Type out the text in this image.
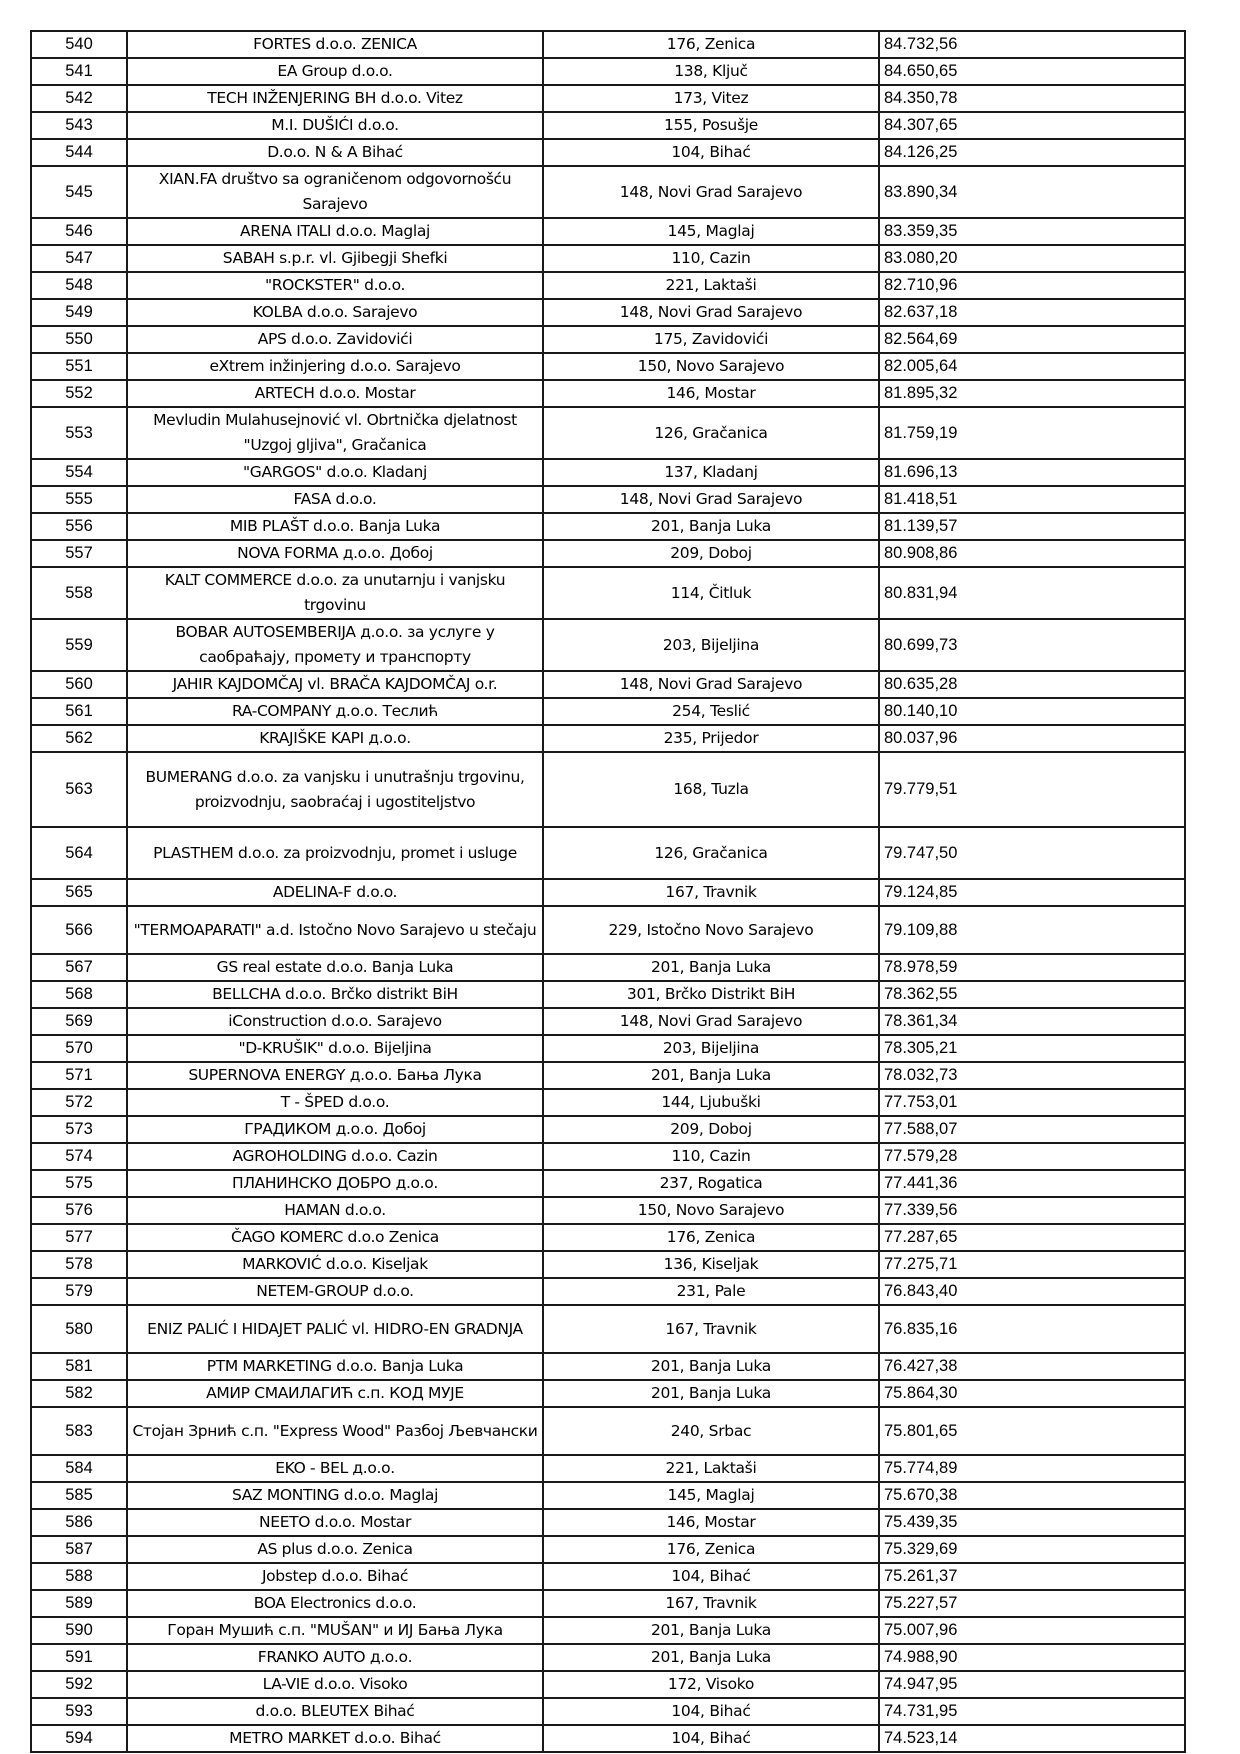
540	FORTES d.o.o. ZENICA	176, Zenica	84.732,56
541	EA Group d.o.o.	138, Ključ	84.650,65
542	TECH INŽENJERING BH d.o.o. Vitez	173, Vitez	84.350,78
543	M.I. DUŠIĆI d.o.o.	155, Posušje	84.307,65
544	D.o.o. N & A Bihać	104, Bihać	84.126,25
545	XIAN.FA društvo sa ograničenom odgovornošću Sarajevo	148, Novi Grad Sarajevo	83.890,34
546	ARENA ITALI d.o.o. Maglaj	145, Maglaj	83.359,35
547	SABAH s.p.r. vl. Gjibegji Shefki	110, Cazin	83.080,20
548	"ROCKSTER" d.o.o.	221, Laktaši	82.710,96
549	KOLBA d.o.o. Sarajevo	148, Novi Grad Sarajevo	82.637,18
550	APS d.o.o. Zavidovići	175, Zavidovići	82.564,69
551	eXtrem inžinjering d.o.o. Sarajevo	150, Novo Sarajevo	82.005,64
552	ARTECH d.o.o. Mostar	146, Mostar	81.895,32
553	Mevludin Mulahusejnović vl. Obrtnička djelatnost "Uzgoj gljiva", Gračanica	126, Gračanica	81.759,19
554	"GARGOS" d.o.o. Kladanj	137, Kladanj	81.696,13
555	FASA d.o.o.	148, Novi Grad Sarajevo	81.418,51
556	MIB PLAŠT d.o.o. Banja Luka	201, Banja Luka	81.139,57
557	NOVA FORMA д.о.о. Добој	209, Doboj	80.908,86
558	KALT COMMERCE d.o.o. za unutarnju i vanjsku trgovinu	114, Čitluk	80.831,94
559	BOBAR AUTOSEMBERIJA д.о.о. за услуге у саобраћају, промету и транспорту	203, Bijeljina	80.699,73
560	JAHIR KAJDOMČAJ vl. BRAČA KAJDOMČAJ o.r.	148, Novi Grad Sarajevo	80.635,28
561	RA-COMPANY д.о.о. Теслић	254, Teslić	80.140,10
562	KRAJIŠKE KAPI д.о.о.	235, Prijedor	80.037,96
563	BUMERANG d.o.o. za vanjsku i unutrašnju trgovinu, proizvodnju, saobraćaj i ugostiteljstvo	168, Tuzla	79.779,51
564	PLASTHEM d.o.o. za proizvodnju, promet i usluge	126, Gračanica	79.747,50
565	ADELINA-F d.o.o.	167, Travnik	79.124,85
566	"TERMOAPARATI" a.d. Istočno Novo Sarajevo u stečaju	229, Istočno Novo Sarajevo	79.109,88
567	GS real estate d.o.o. Banja Luka	201, Banja Luka	78.978,59
568	BELLCHA d.o.o. Brčko distrikt BiH	301, Brčko Distrikt BiH	78.362,55
569	iConstruction d.o.o. Sarajevo	148, Novi Grad Sarajevo	78.361,34
570	"D-KRUŠIK" d.o.o. Bijeljina	203, Bijeljina	78.305,21
571	SUPERNOVA ENERGY д.о.о. Бања Лука	201, Banja Luka	78.032,73
572	T - ŠPED d.o.o.	144, Ljubuški	77.753,01
573	ГРАДИКОМ д.о.о. Добој	209, Doboj	77.588,07
574	AGROHOLDING d.o.o. Cazin	110, Cazin	77.579,28
575	ПЛАНИНСКО ДОБРО д.о.о.	237, Rogatica	77.441,36
576	HAMAN d.o.o.	150, Novo Sarajevo	77.339,56
577	ČAGO KOMERC d.o.o Zenica	176, Zenica	77.287,65
578	MARKOVIĆ d.o.o. Kiseljak	136, Kiseljak	77.275,71
579	NETEM-GROUP d.o.o.	231, Pale	76.843,40
580	ENIZ PALIĆ I HIDAJET PALIĆ vl. HIDRO-EN GRADNJA	167, Travnik	76.835,16
581	PTM MARKETING d.o.o. Banja Luka	201, Banja Luka	76.427,38
582	АМИР СМАИЛАГИЋ с.п. КОД МУЈЕ	201, Banja Luka	75.864,30
583	Стојан Зрнић с.п. "Express Wood" Разбој Љевчански	240, Srbac	75.801,65
584	EKO - BEL д.о.о.	221, Laktaši	75.774,89
585	SAZ MONTING d.o.o. Maglaj	145, Maglaj	75.670,38
586	NEETO d.o.o. Mostar	146, Mostar	75.439,35
587	AS plus d.o.o. Zenica	176, Zenica	75.329,69
588	Jobstep d.o.o. Bihać	104, Bihać	75.261,37
589	BOA Electronics d.o.o.	167, Travnik	75.227,57
590	Горан Мушић с.п. "MUŠAN" и ИЈ Бања Лука	201, Banja Luka	75.007,96
591	FRANKO AUTO д.о.о.	201, Banja Luka	74.988,90
592	LA-VIE d.o.o. Visoko	172, Visoko	74.947,95
593	d.o.o. BLEUTEX Bihać	104, Bihać	74.731,95
594	METRO MARKET d.o.o. Bihać	104, Bihać	74.523,14
